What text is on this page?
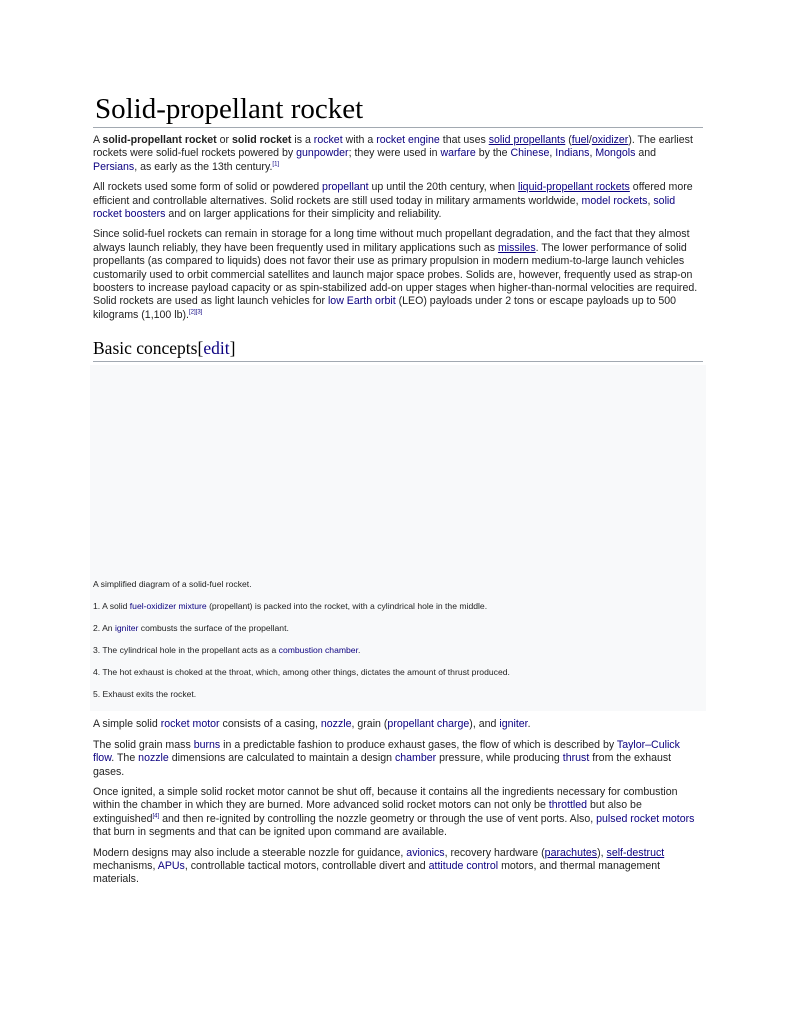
Solid-propellant rocket

A solid-propellant rocket or solid rocket is a rocket with a rocket engine that uses solid propellants (fuel/oxidizer). The earliest rockets were solid-fuel rockets powered by gunpowder; they were used in warfare by the Chinese, Indians, Mongols and Persians, as early as the 13th century.[1]

All rockets used some form of solid or powdered propellant up until the 20th century, when liquid-propellant rockets offered more efficient and controllable alternatives. Solid rockets are still used today in military armaments worldwide, model rockets, solid rocket boosters and on larger applications for their simplicity and reliability.

Since solid-fuel rockets can remain in storage for a long time without much propellant degradation, and the fact that they almost always launch reliably, they have been frequently used in military applications such as missiles. The lower performance of solid propellants (as compared to liquids) does not favor their use as primary propulsion in modern medium-to-large launch vehicles customarily used to orbit commercial satellites and launch major space probes. Solids are, however, frequently used as strap-on boosters to increase payload capacity or as spin-stabilized add-on upper stages when higher-than-normal velocities are required. Solid rockets are used as light launch vehicles for low Earth orbit (LEO) payloads under 2 tons or escape payloads up to 500 kilograms (1,100 lb).[2][3]

Basic concepts[edit]
A simplified diagram of a solid-fuel rocket.
1. A solid fuel-oxidizer mixture (propellant) is packed into the rocket, with a cylindrical hole in the middle.
2. An igniter combusts the surface of the propellant.
3. The cylindrical hole in the propellant acts as a combustion chamber.
4. The hot exhaust is choked at the throat, which, among other things, dictates the amount of thrust produced.
5. Exhaust exits the rocket.

A simple solid rocket motor consists of a casing, nozzle, grain (propellant charge), and igniter.

The solid grain mass burns in a predictable fashion to produce exhaust gases, the flow of which is described by Taylor–Culick flow. The nozzle dimensions are calculated to maintain a design chamber pressure, while producing thrust from the exhaust gases.

Once ignited, a simple solid rocket motor cannot be shut off, because it contains all the ingredients necessary for combustion within the chamber in which they are burned. More advanced solid rocket motors can not only be throttled but also be extinguished[4] and then re-ignited by controlling the nozzle geometry or through the use of vent ports. Also, pulsed rocket motors that burn in segments and that can be ignited upon command are available.

Modern designs may also include a steerable nozzle for guidance, avionics, recovery hardware (parachutes), self-destruct mechanisms, APUs, controllable tactical motors, controllable divert and attitude control motors, and thermal management materials.
